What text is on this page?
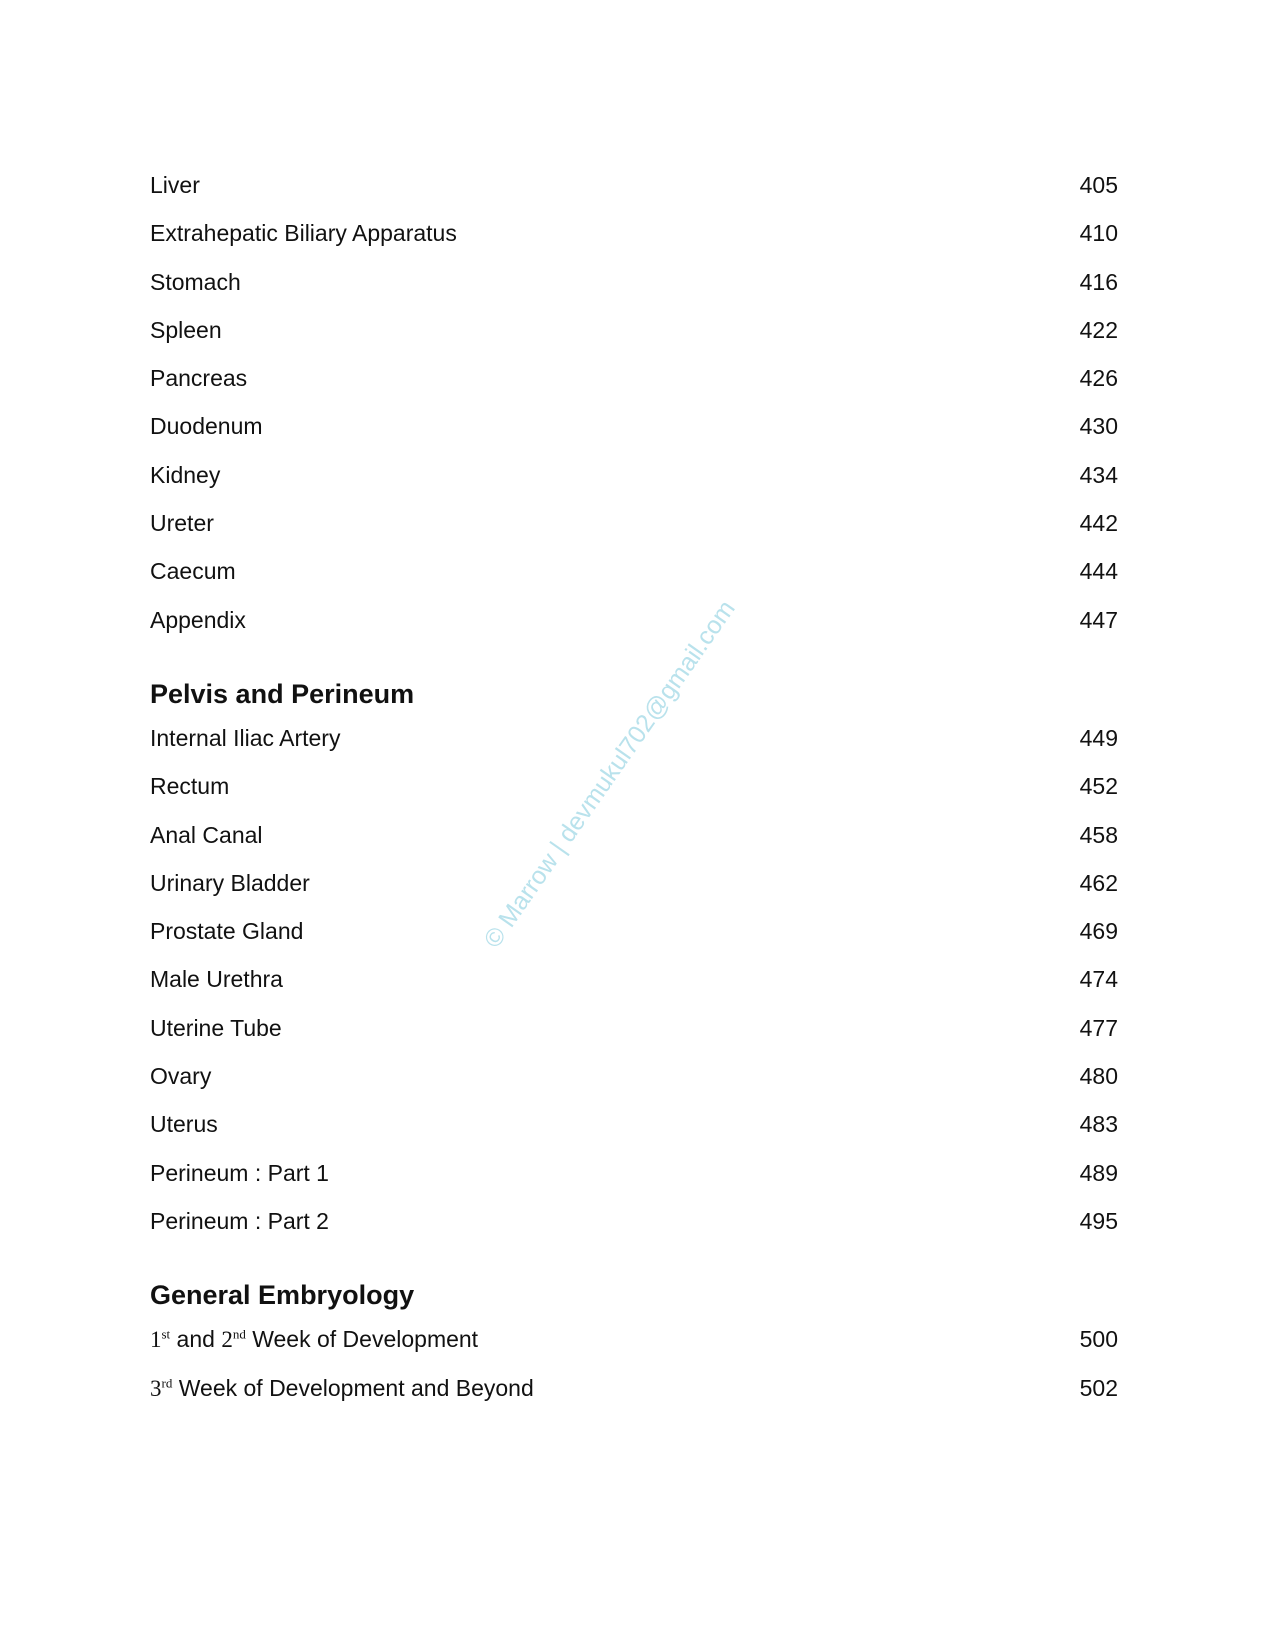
Liver	405
Extrahepatic Biliary Apparatus	410
Stomach	416
Spleen	422
Pancreas	426
Duodenum	430
Kidney	434
Ureter	442
Caecum	444
Appendix	447
Pelvis and Perineum
Internal Iliac Artery	449
Rectum	452
Anal Canal	458
Urinary Bladder	462
Prostate Gland	469
Male Urethra	474
Uterine Tube	477
Ovary	480
Uterus	483
Perineum : Part 1	489
Perineum : Part 2	495
General Embryology
1st and 2nd Week of Development	500
3rd Week of Development and Beyond	502
© Marrow | devmukul702@gmail.com
